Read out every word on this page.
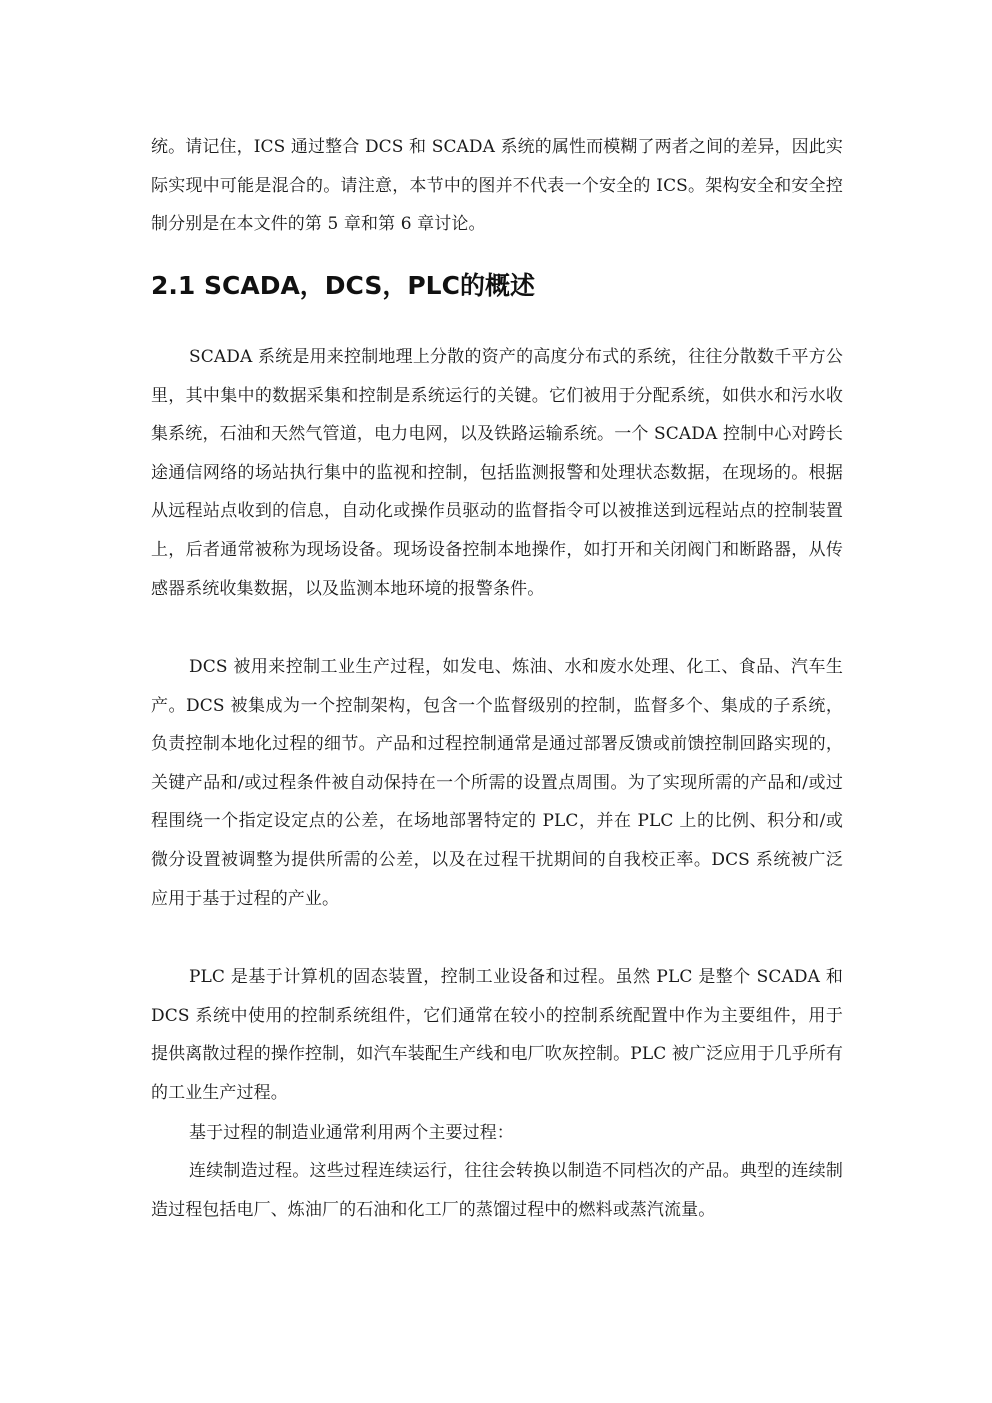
统。请记住，ICS 通过整合 DCS 和 SCADA 系统的属性而模糊了两者之间的差异，因此实际实现中可能是混合的。请注意，本节中的图并不代表一个安全的 ICS。架构安全和安全控制分别是在本文件的第 5 章和第 6 章讨论。

2.1 SCADA，DCS，PLC的概述

SCADA 系统是用来控制地理上分散的资产的高度分布式的系统，往往分散数千平方公里，其中集中的数据采集和控制是系统运行的关键。它们被用于分配系统，如供水和污水收集系统，石油和天然气管道，电力电网，以及铁路运输系统。一个 SCADA 控制中心对跨长途通信网络的场站执行集中的监视和控制，包括监测报警和处理状态数据，在现场的。根据从远程站点收到的信息，自动化或操作员驱动的监督指令可以被推送到远程站点的控制装置上，后者通常被称为现场设备。现场设备控制本地操作，如打开和关闭阀门和断路器，从传感器系统收集数据，以及监测本地环境的报警条件。

DCS 被用来控制工业生产过程，如发电、炼油、水和废水处理、化工、食品、汽车生产。DCS 被集成为一个控制架构，包含一个监督级别的控制，监督多个、集成的子系统，负责控制本地化过程的细节。产品和过程控制通常是通过部署反馈或前馈控制回路实现的，关键产品和/或过程条件被自动保持在一个所需的设置点周围。为了实现所需的产品和/或过程围绕一个指定设定点的公差，在场地部署特定的 PLC，并在 PLC 上的比例、积分和/或微分设置被调整为提供所需的公差，以及在过程干扰期间的自我校正率。DCS 系统被广泛应用于基于过程的产业。

PLC 是基于计算机的固态装置，控制工业设备和过程。虽然 PLC 是整个 SCADA 和 DCS 系统中使用的控制系统组件，它们通常在较小的控制系统配置中作为主要组件，用于提供离散过程的操作控制，如汽车装配生产线和电厂吹灰控制。PLC 被广泛应用于几乎所有的工业生产过程。

基于过程的制造业通常利用两个主要过程：

连续制造过程。这些过程连续运行，往往会转换以制造不同档次的产品。典型的连续制造过程包括电厂、炼油厂的石油和化工厂的蒸馏过程中的燃料或蒸汽流量。
